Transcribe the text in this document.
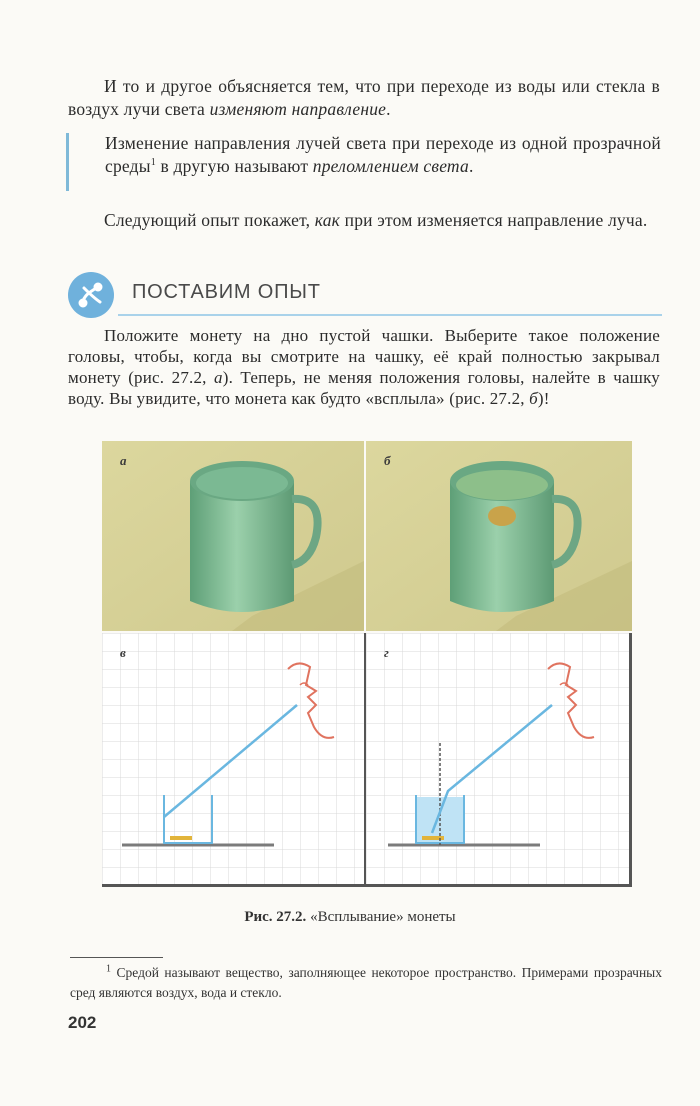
И то и другое объясняется тем, что при переходе из воды или стекла в воздух лучи света изменяют направление.

Изменение направления лучей света при переходе из одной прозрачной среды$^1$ в другую называют преломлением света.

Следующий опыт покажет, как при этом изменяется направление луча.

ПОСТАВИМ ОПЫТ

Положите монету на дно пустой чашки. Выберите такое положение головы, чтобы, когда вы смотрите на чашку, её край полностью закрывал монету (рис. 27.2, а). Теперь, не меняя положения головы, налейте в чашку воду. Вы увидите, что монета как будто «всплыла» (рис. 27.2, б)!

а	б
в	г
Рис. 27.2. «Всплывание» монеты
$^1$ Средой называют вещество, заполняющее некоторое пространство. Примерами прозрачных сред являются воздух, вода и стекло.
202
